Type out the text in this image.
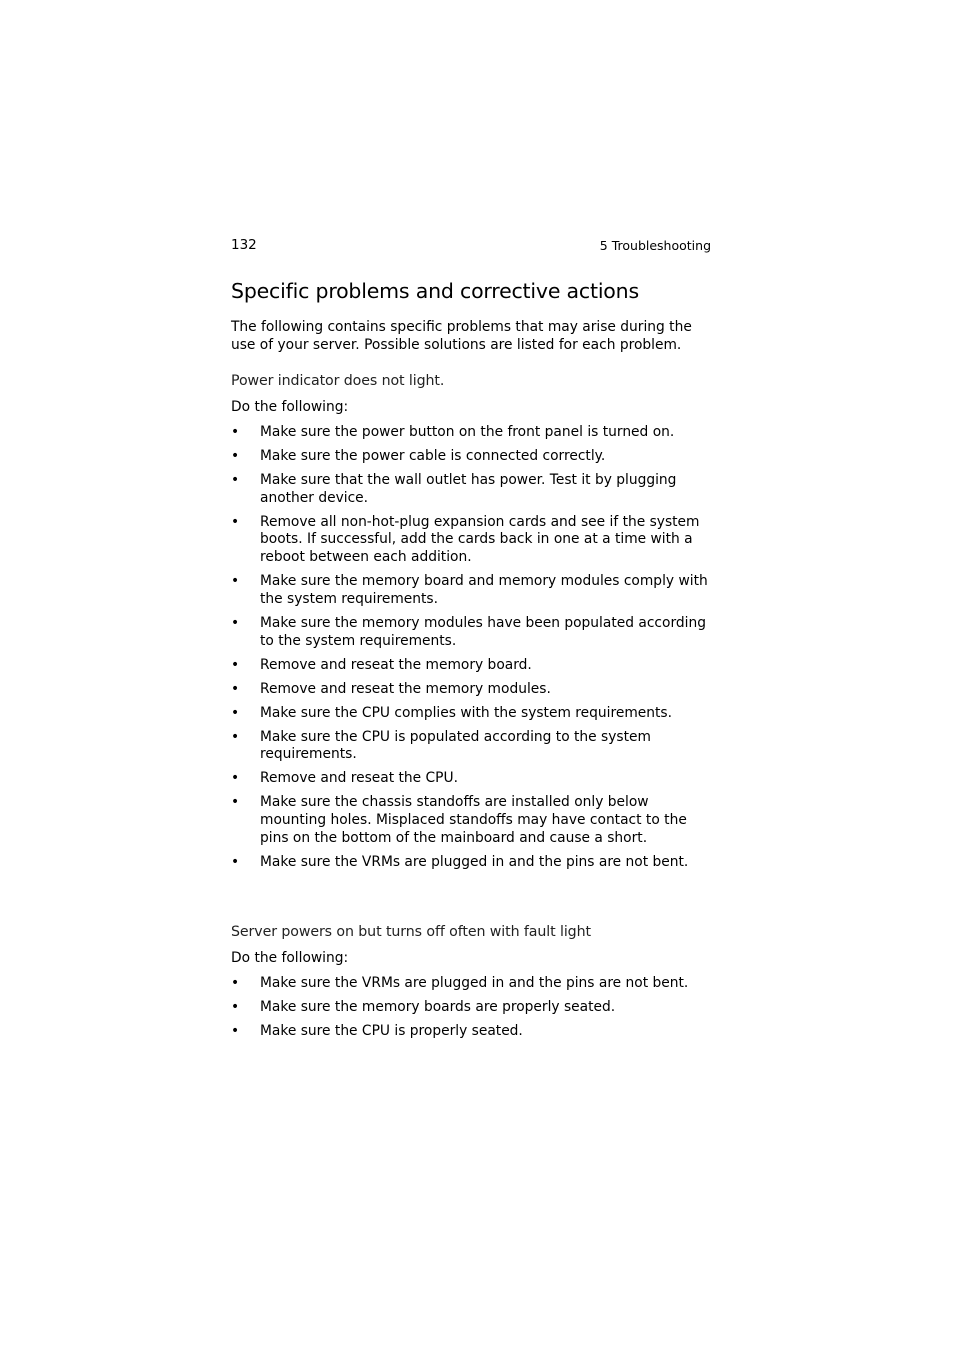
132	5 Troubleshooting
Specific problems and corrective actions

The following contains specific problems that may arise during the use of your server. Possible solutions are listed for each problem.

Power indicator does not light.

Do the following:

• Make sure the power button on the front panel is turned on.
• Make sure the power cable is connected correctly.
• Make sure that the wall outlet has power. Test it by plugging another device.
• Remove all non-hot-plug expansion cards and see if the system boots. If successful, add the cards back in one at a time with a reboot between each addition.
• Make sure the memory board and memory modules comply with the system requirements.
• Make sure the memory modules have been populated according to the system requirements.
• Remove and reseat the memory board.
• Remove and reseat the memory modules.
• Make sure the CPU complies with the system requirements.
• Make sure the CPU is populated according to the system requirements.
• Remove and reseat the CPU.
• Make sure the chassis standoffs are installed only below mounting holes. Misplaced standoffs may have contact to the pins on the bottom of the mainboard and cause a short.
• Make sure the VRMs are plugged in and the pins are not bent.

Server powers on but turns off often with fault light

Do the following:

• Make sure the VRMs are plugged in and the pins are not bent.
• Make sure the memory boards are properly seated.
• Make sure the CPU is properly seated.
